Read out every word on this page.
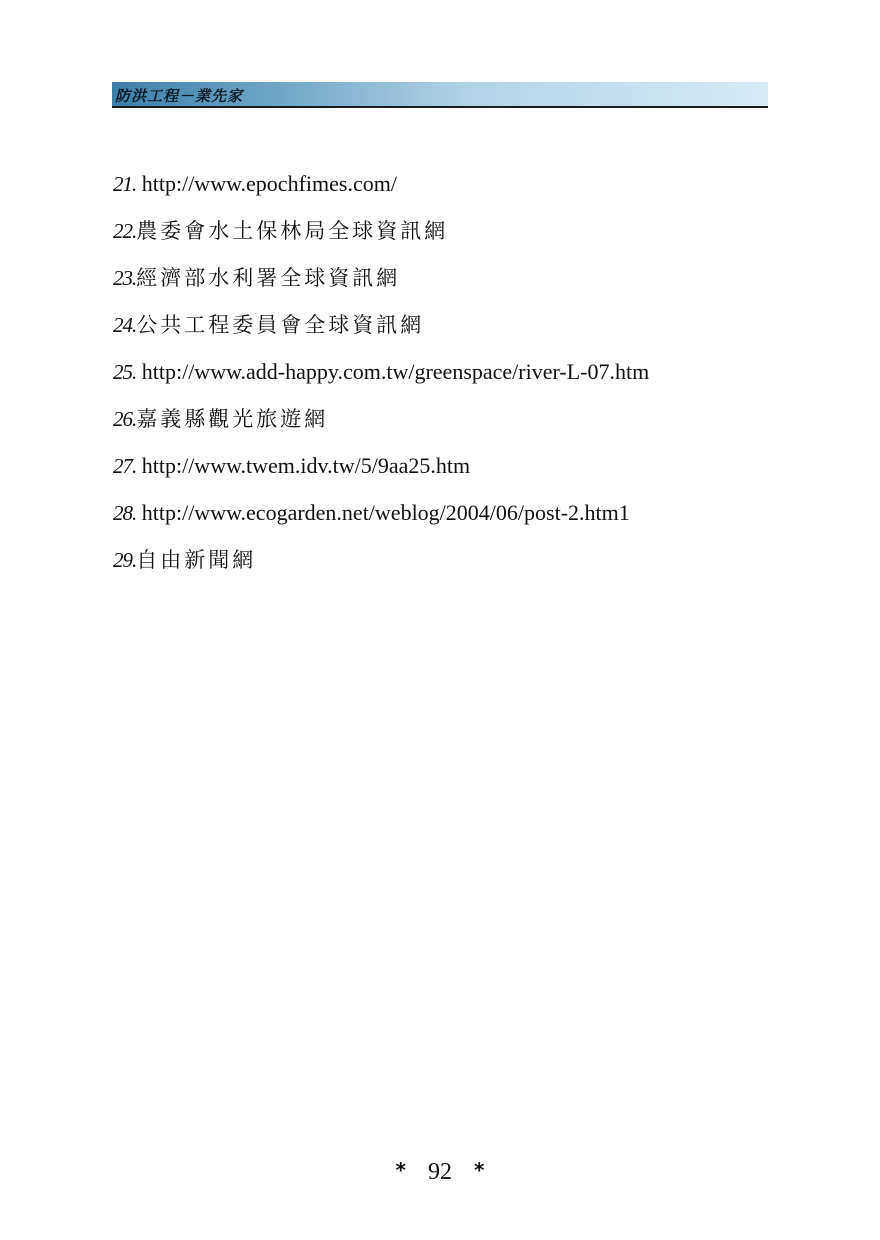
防洪工程－業先家
21. http://www.epochfimes.com/
22.農委會水土保林局全球資訊網
23.經濟部水利署全球資訊網
24.公共工程委員會全球資訊網
25. http://www.add-happy.com.tw/greenspace/river-L-07.htm
26.嘉義縣觀光旅遊網
27. http://www.twem.idv.tw/5/9aa25.htm
28. http://www.ecogarden.net/weblog/2004/06/post-2.htm1
29.自由新聞網
* 92 *
